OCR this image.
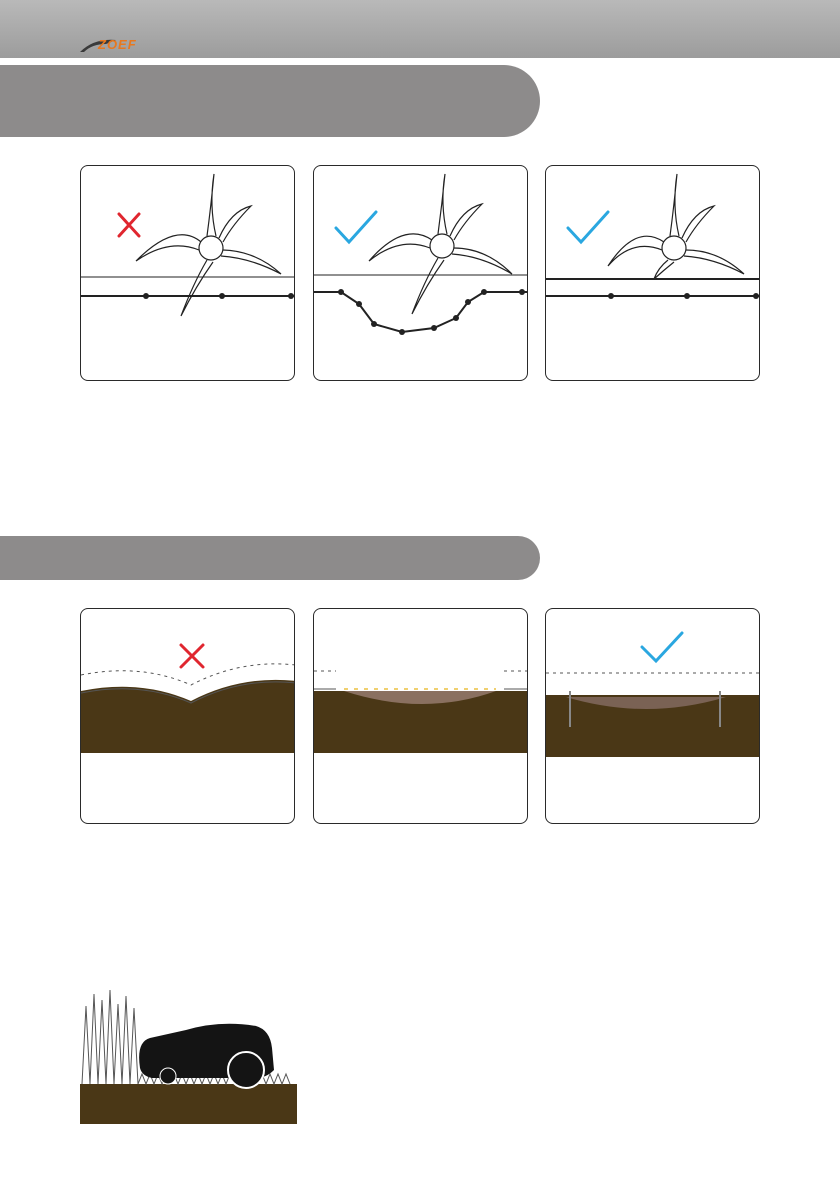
ZOEF
